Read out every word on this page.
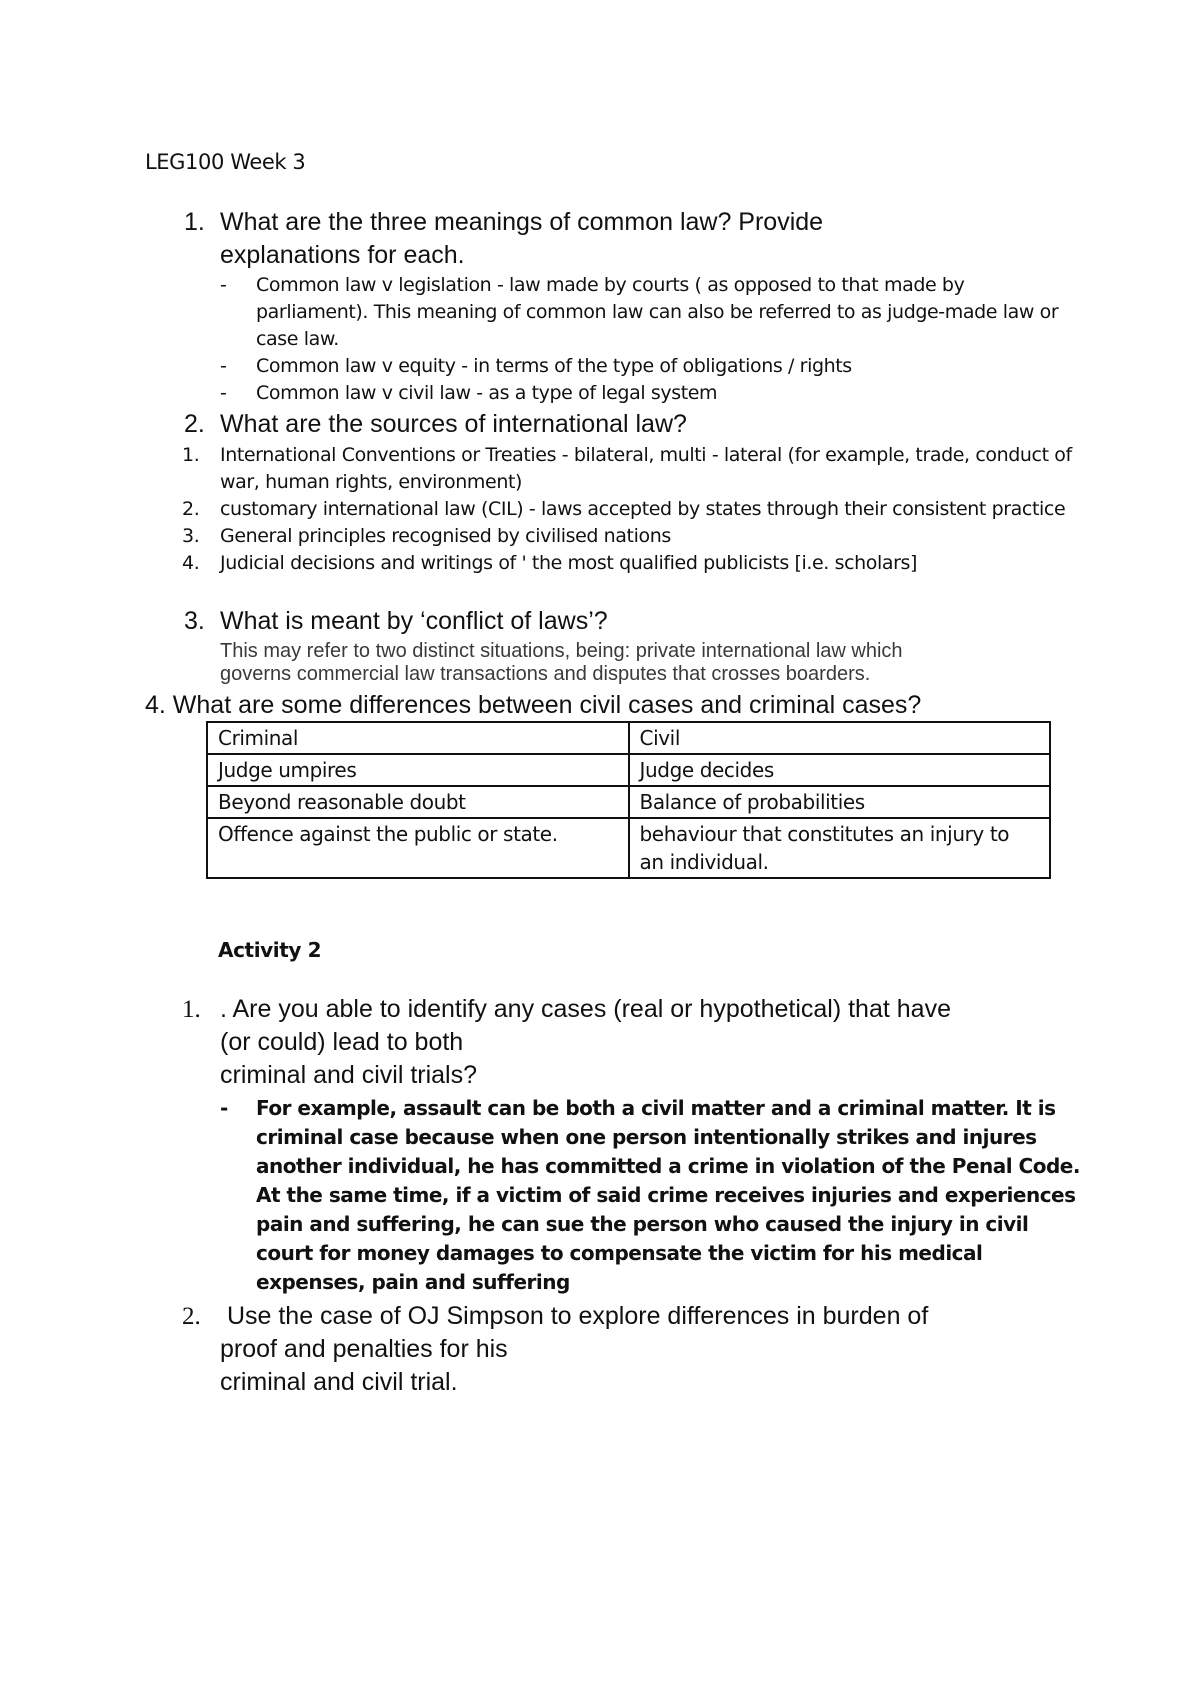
LEG100 Week 3
1. What are the three meanings of common law? Provide
explanations for each.
- Common law v legislation - law made by courts ( as opposed to that made by parliament). This meaning of common law can also be referred to as judge-made law or case law.
- Common law v equity - in terms of the type of obligations / rights
- Common law v civil law - as a type of legal system
2. What are the sources of international law?
1. International Conventions or Treaties - bilateral, multi - lateral (for example, trade, conduct of war, human rights, environment)
2. customary international law (CIL) - laws accepted by states through their consistent practice
3. General principles recognised by civilised nations
4. Judicial decisions and writings of ' the most qualified publicists [i.e. scholars]
3. What is meant by ‘conflict of laws’?
This may refer to two distinct situations, being: private international law which
governs commercial law transactions and disputes that crosses boarders.
4. What are some differences between civil cases and criminal cases?
Criminal	Civil
Judge umpires	Judge decides
Beyond reasonable doubt	Balance of probabilities
Offence against the public or state.	behaviour that constitutes an injury to an individual.
Activity 2
1. . Are you able to identify any cases (real or hypothetical) that have
(or could) lead to both
criminal and civil trials?
- For example, assault can be both a civil matter and a criminal matter. It is criminal case because when one person intentionally strikes and injures another individual, he has committed a crime in violation of the Penal Code. At the same time, if a victim of said crime receives injuries and experiences pain and suffering, he can sue the person who caused the injury in civil court for money damages to compensate the victim for his medical expenses, pain and suffering
2. Use the case of OJ Simpson to explore differences in burden of
proof and penalties for his
criminal and civil trial.
